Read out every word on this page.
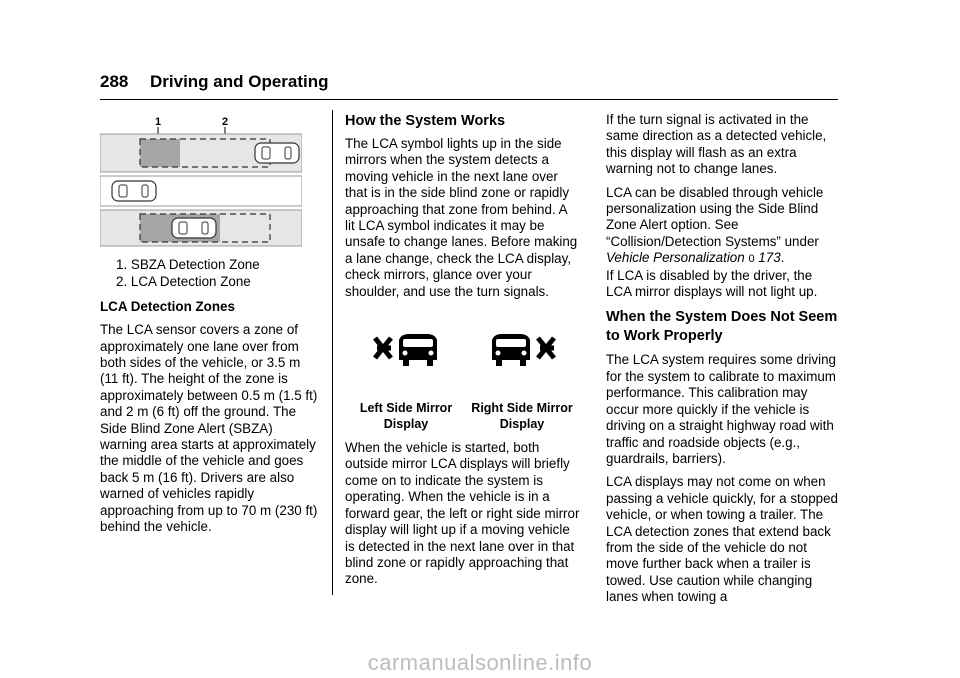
288 Driving and Operating
1	2
1. SBZA Detection Zone
2. LCA Detection Zone
LCA Detection Zones

The LCA sensor covers a zone of approximately one lane over from both sides of the vehicle, or 3.5 m (11 ft). The height of the zone is approximately between 0.5 m (1.5 ft) and 2 m (6 ft) off the ground. The Side Blind Zone Alert (SBZA) warning area starts at approximately the middle of the vehicle and goes back 5 m (16 ft). Drivers are also warned of vehicles rapidly approaching from up to 70 m (230 ft) behind the vehicle.

How the System Works

The LCA symbol lights up in the side mirrors when the system detects a moving vehicle in the next lane over that is in the side blind zone or rapidly approaching that zone from behind. A lit LCA symbol indicates it may be unsafe to change lanes. Before making a lane change, check the LCA display, check mirrors, glance over your shoulder, and use the turn signals.

Left Side Mirror
Display
Right Side Mirror
Display

When the vehicle is started, both outside mirror LCA displays will briefly come on to indicate the system is operating. When the vehicle is in a forward gear, the left or right side mirror display will light up if a moving vehicle is detected in the next lane over in that blind zone or rapidly approaching that zone.

If the turn signal is activated in the same direction as a detected vehicle, this display will flash as an extra warning not to change lanes.

LCA can be disabled through vehicle personalization using the Side Blind Zone Alert option. See “Collision/Detection Systems” under Vehicle Personalization 0 173.

If LCA is disabled by the driver, the LCA mirror displays will not light up.

When the System Does Not Seem to Work Properly

The LCA system requires some driving for the system to calibrate to maximum performance. This calibration may occur more quickly if the vehicle is driving on a straight highway road with traffic and roadside objects (e.g., guardrails, barriers).

LCA displays may not come on when passing a vehicle quickly, for a stopped vehicle, or when towing a trailer. The LCA detection zones that extend back from the side of the vehicle do not move further back when a trailer is towed. Use caution while changing lanes when towing a

carmanualsonline.info
